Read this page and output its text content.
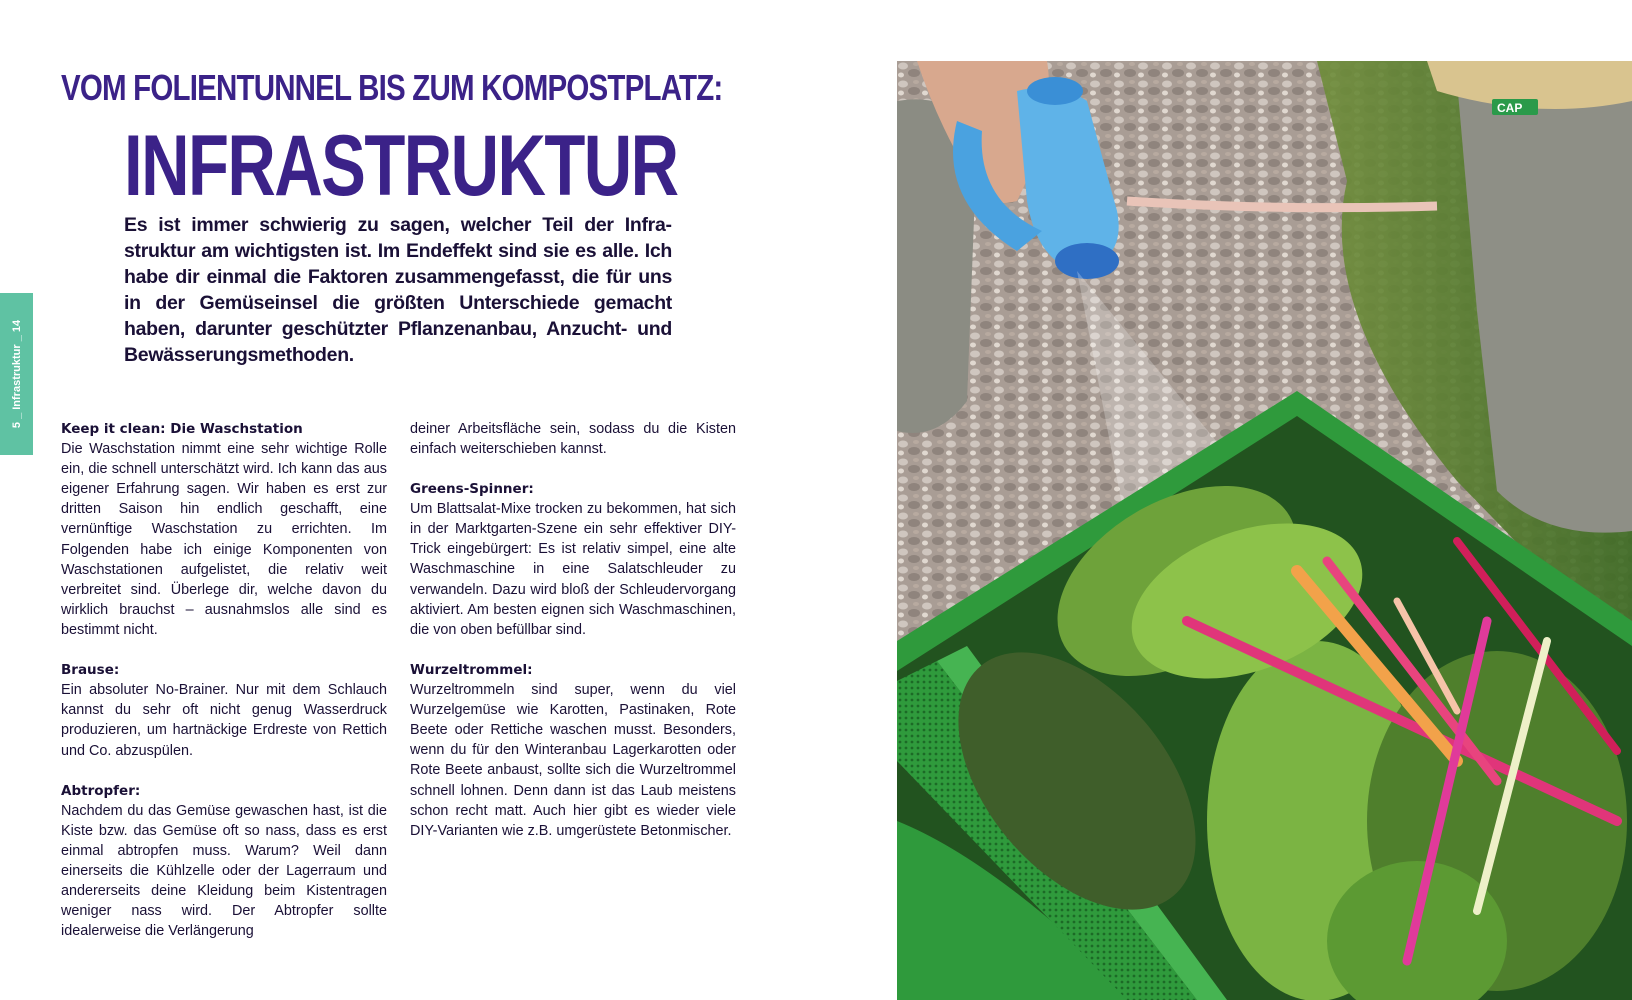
VOM FOLIENTUNNEL BIS ZUM KOMPOSTPLATZ:
INFRASTRUKTUR
Es ist immer schwierig zu sagen, welcher Teil der Infrastruktur am wichtigsten ist. Im Endeffekt sind sie es alle. Ich habe dir einmal die Faktoren zusammengefasst, die für uns in der Gemüseinsel die größten Unterschiede gemacht haben, darunter geschützter Pflanzenanbau, Anzucht- und Bewässerungsmethoden.
5 _ Infrastruktur _ 14
Keep it clean: Die Waschstation

Die Waschstation nimmt eine sehr wichtige Rolle ein, die schnell unterschätzt wird. Ich kann das aus eigener Erfahrung sagen. Wir haben es erst zur dritten Saison hin endlich geschafft, eine vernünftige Waschstation zu errichten. Im Folgenden habe ich einige Komponenten von Waschstationen aufgelistet, die relativ weit verbreitet sind. Überlege dir, welche davon du wirklich brauchst – ausnahmslos alle sind es bestimmt nicht.

Brause:

Ein absoluter No-Brainer. Nur mit dem Schlauch kannst du sehr oft nicht genug Wasserdruck produzieren, um hartnäckige Erdreste von Rettich und Co. abzuspülen.

Abtropfer:

Nachdem du das Gemüse gewaschen hast, ist die Kiste bzw. das Gemüse oft so nass, dass es erst einmal abtropfen muss. Warum? Weil dann einerseits die Kühlzelle oder der Lagerraum und andererseits deine Kleidung beim Kistentragen weniger nass wird. Der Abtropfer sollte idealerweise die Verlängerung

deiner Arbeitsfläche sein, sodass du die Kisten einfach weiterschieben kannst.

Greens-Spinner:

Um Blattsalat-Mixe trocken zu bekommen, hat sich in der Marktgarten-Szene ein sehr effektiver DIY-Trick eingebürgert: Es ist relativ simpel, eine alte Waschmaschine in eine Salatschleuder zu verwandeln. Dazu wird bloß der Schleudervorgang aktiviert. Am besten eignen sich Waschmaschinen, die von oben befüllbar sind.

Wurzeltrommel:

Wurzeltrommeln sind super, wenn du viel Wurzelgemüse wie Karotten, Pastinaken, Rote Beete oder Rettiche waschen musst. Besonders, wenn du für den Winteranbau Lagerkarotten oder Rote Beete anbaust, sollte sich die Wurzeltrommel schnell lohnen. Denn dann ist das Laub meistens schon recht matt. Auch hier gibt es wieder viele DIY-Varianten wie z.B. umgerüstete Betonmischer.

CAP
